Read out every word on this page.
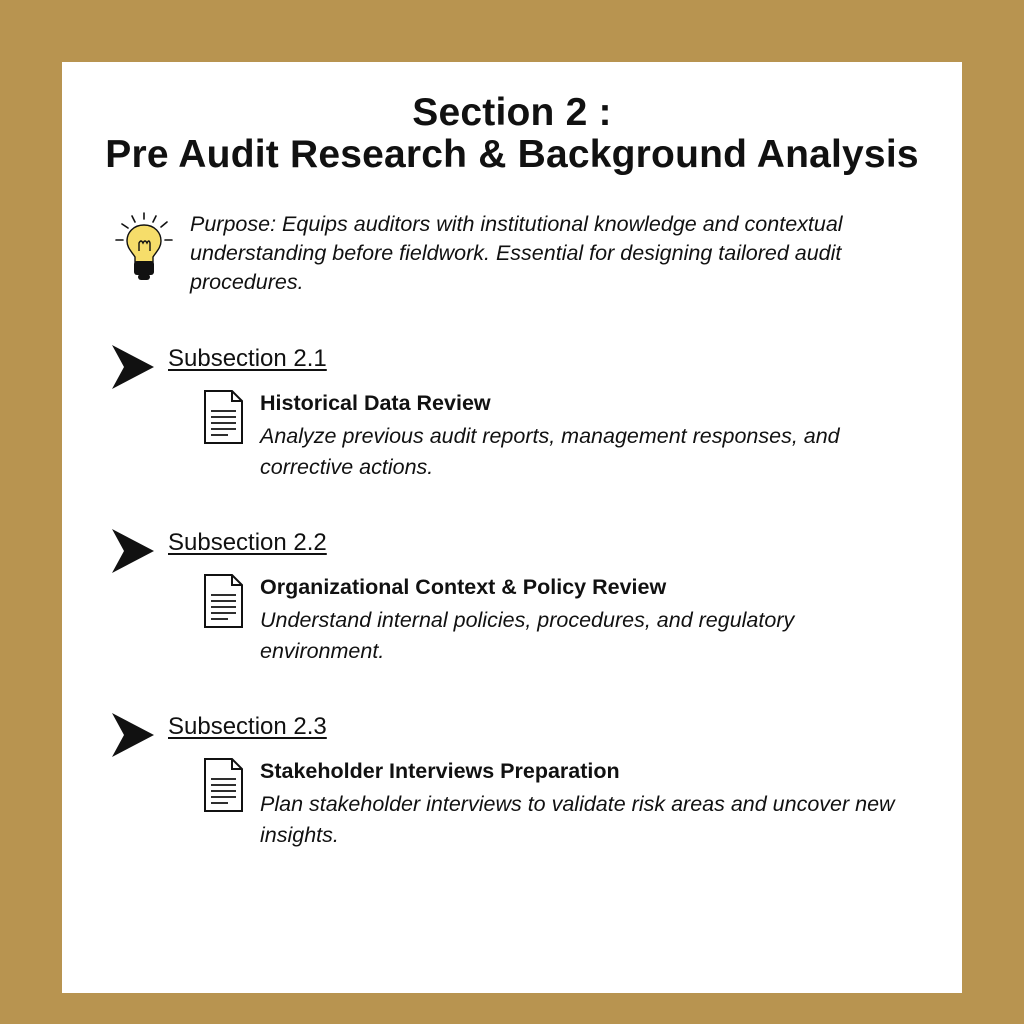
Section 2 :
Pre Audit Research & Background Analysis
Purpose: Equips auditors with institutional knowledge and contextual understanding before fieldwork. Essential for designing tailored audit procedures.
Subsection 2.1
Historical Data Review
Analyze previous audit reports, management responses, and corrective actions.
Subsection 2.2
Organizational Context & Policy Review
Understand internal policies, procedures, and regulatory environment.
Subsection 2.3
Stakeholder Interviews Preparation
Plan stakeholder interviews to validate risk areas and uncover new insights.
